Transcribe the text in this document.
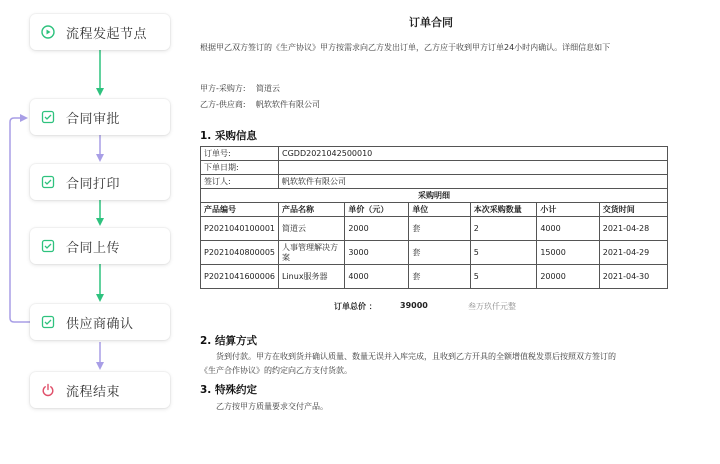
流程发起节点
合同审批
合同打印
合同上传
供应商确认
流程结束
订单合同
根据甲乙双方签订的《生产协议》甲方按需求向乙方发出订单，乙方应于收到甲方订单24小时内确认。详细信息如下
甲方-采购方: 简道云
乙方-供应商: 帆软软件有限公司
1. 采购信息
订单号:	CGDD2021042500010					
下单日期:						
签订人:	帆软软件有限公司					
采购明细						
产品编号	产品名称	单价（元）	单位	本次采购数量	小计	交货时间
P2021040100001	简道云	2000	套	2	4000	2021-04-28
P2021040800005	人事管理解决方案	3000	套	5	15000	2021-04-29
P2021041600006	Linux服务器	4000	套	5	20000	2021-04-30
订单总价 ：	39000	叁万玖仟元整
2. 结算方式
货到付款。甲方在收到货并确认质量、数量无误并入库完成，且收到乙方开具的全额增值税发票后按照双方签订的
《生产合作协议》的约定向乙方支付货款。
3. 特殊约定
乙方按甲方质量要求交付产品。
